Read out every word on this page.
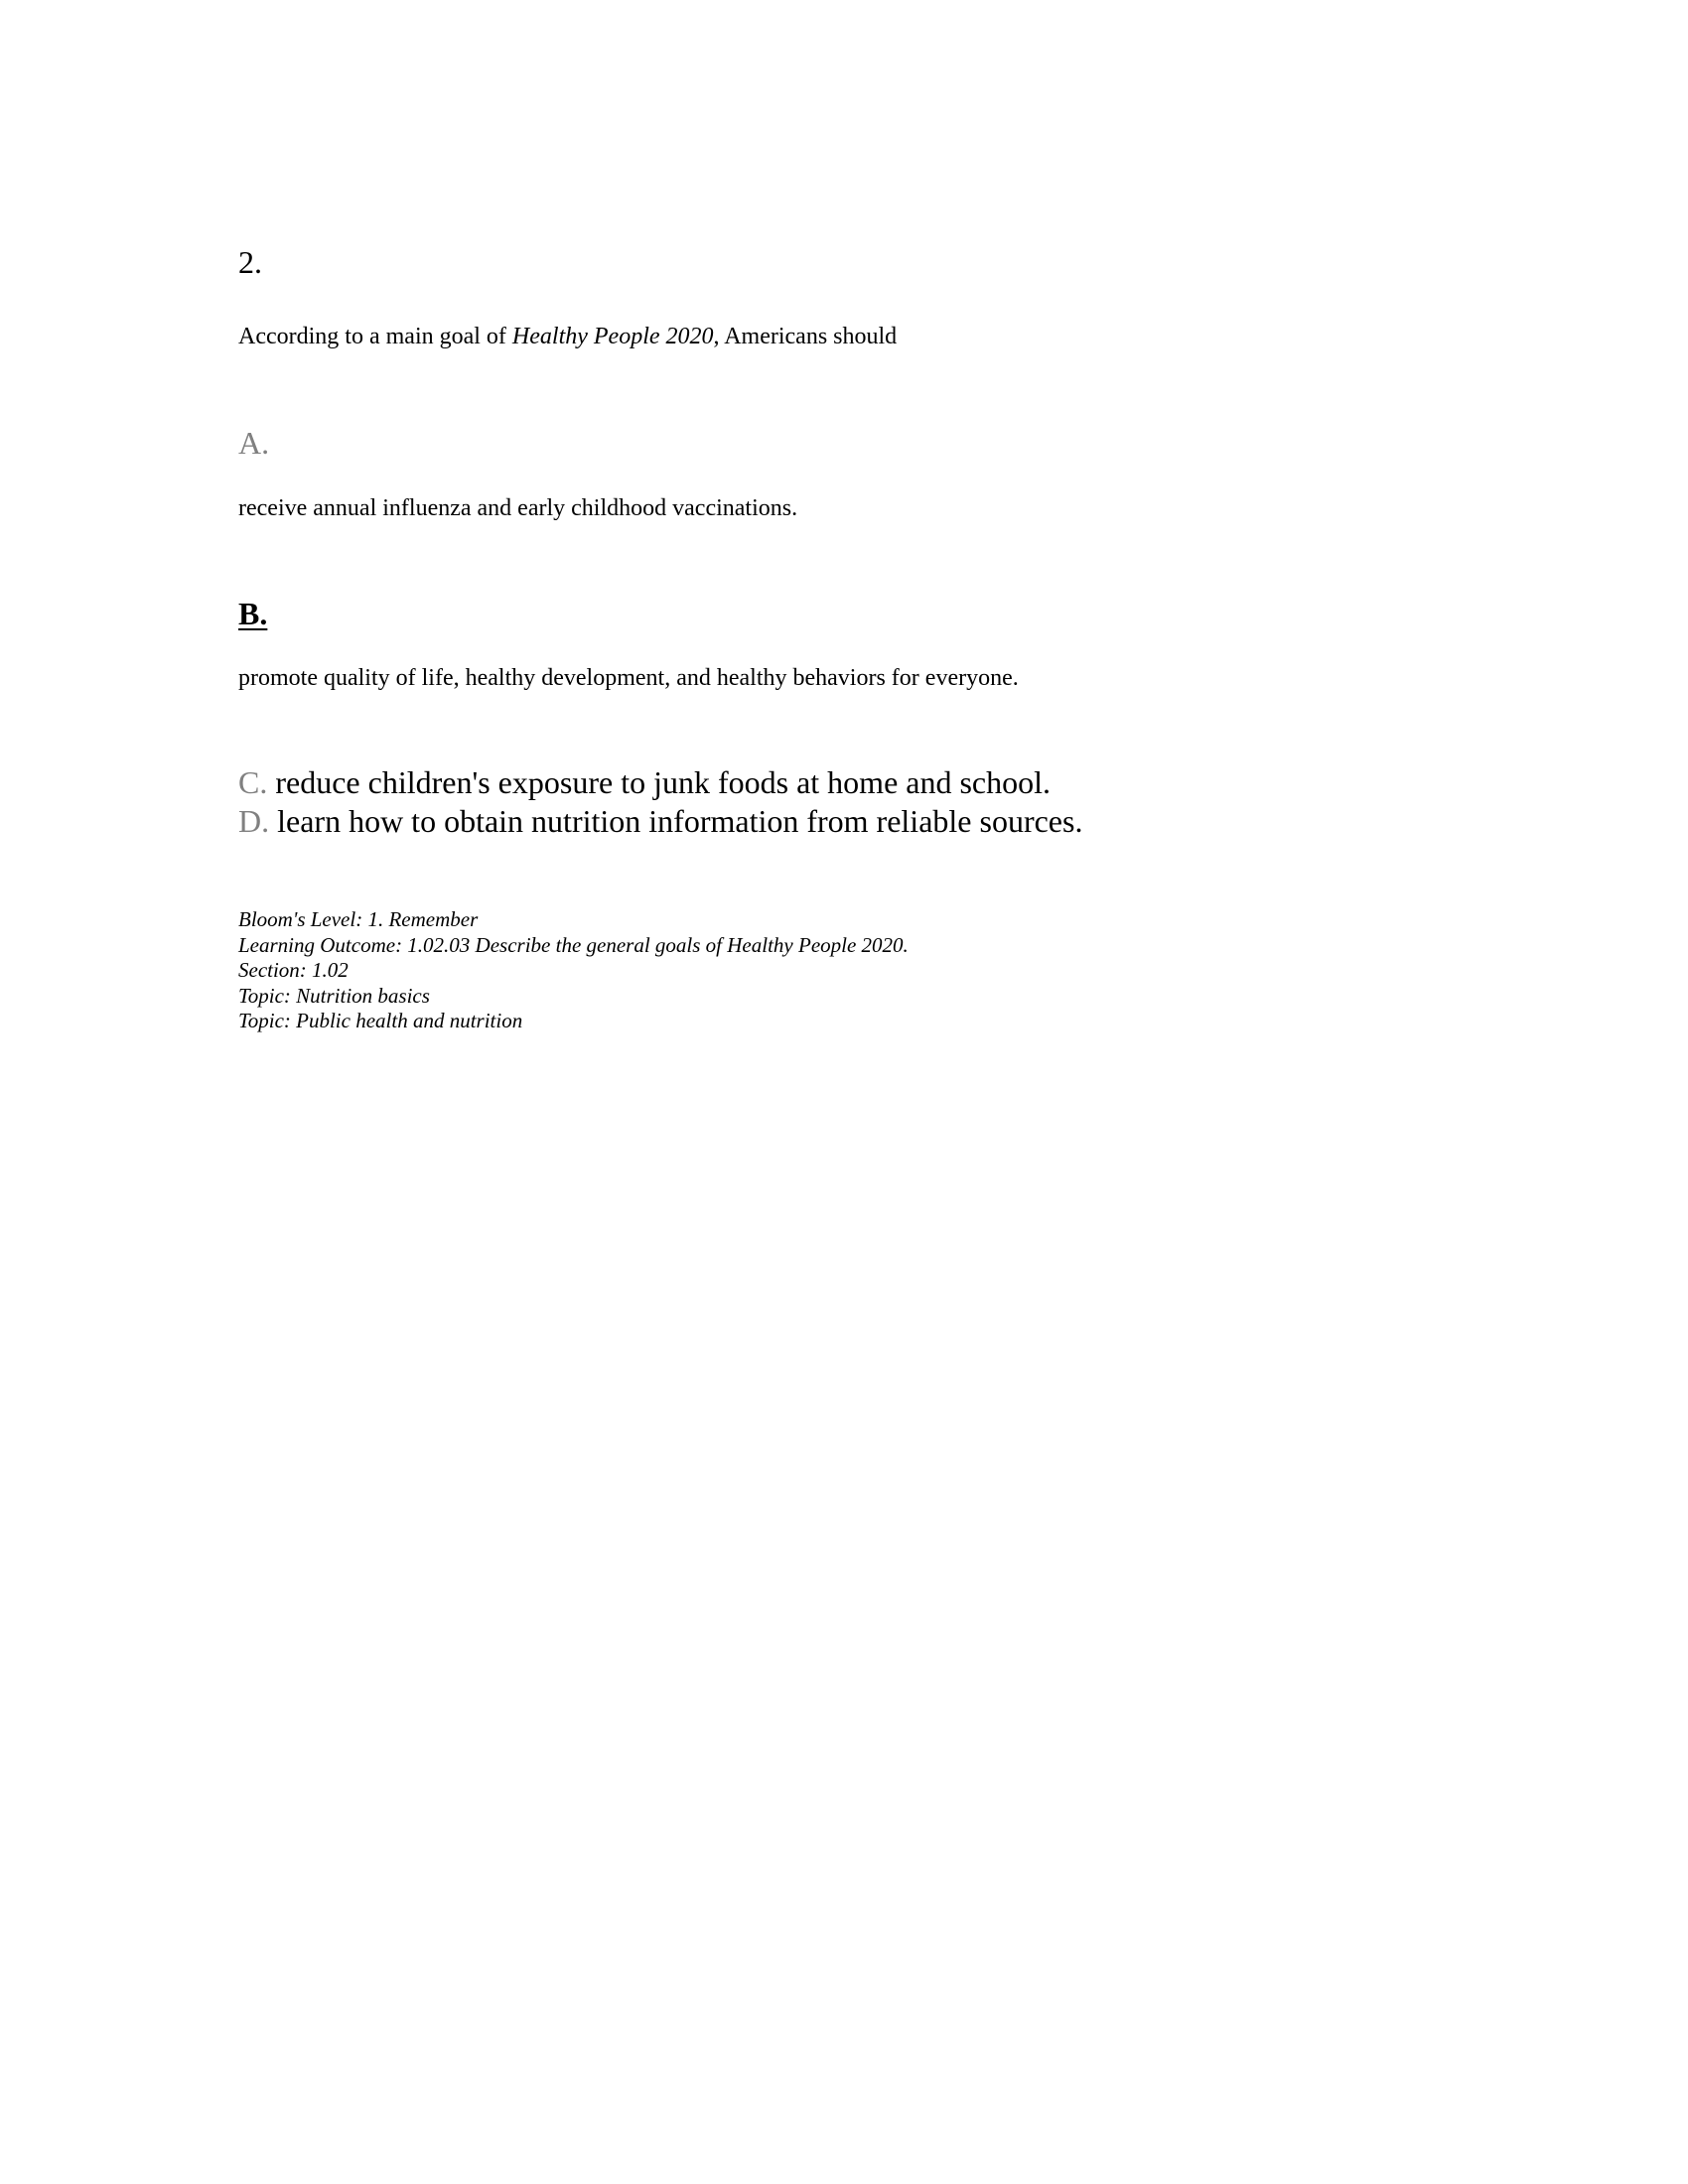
2.
According to a main goal of Healthy People 2020, Americans should
A.
receive annual influenza and early childhood vaccinations.
B.
promote quality of life, healthy development, and healthy behaviors for everyone.
C. reduce children's exposure to junk foods at home and school.
D. learn how to obtain nutrition information from reliable sources.
Bloom's Level: 1. Remember
Learning Outcome: 1.02.03 Describe the general goals of Healthy People 2020.
Section: 1.02
Topic: Nutrition basics
Topic: Public health and nutrition
